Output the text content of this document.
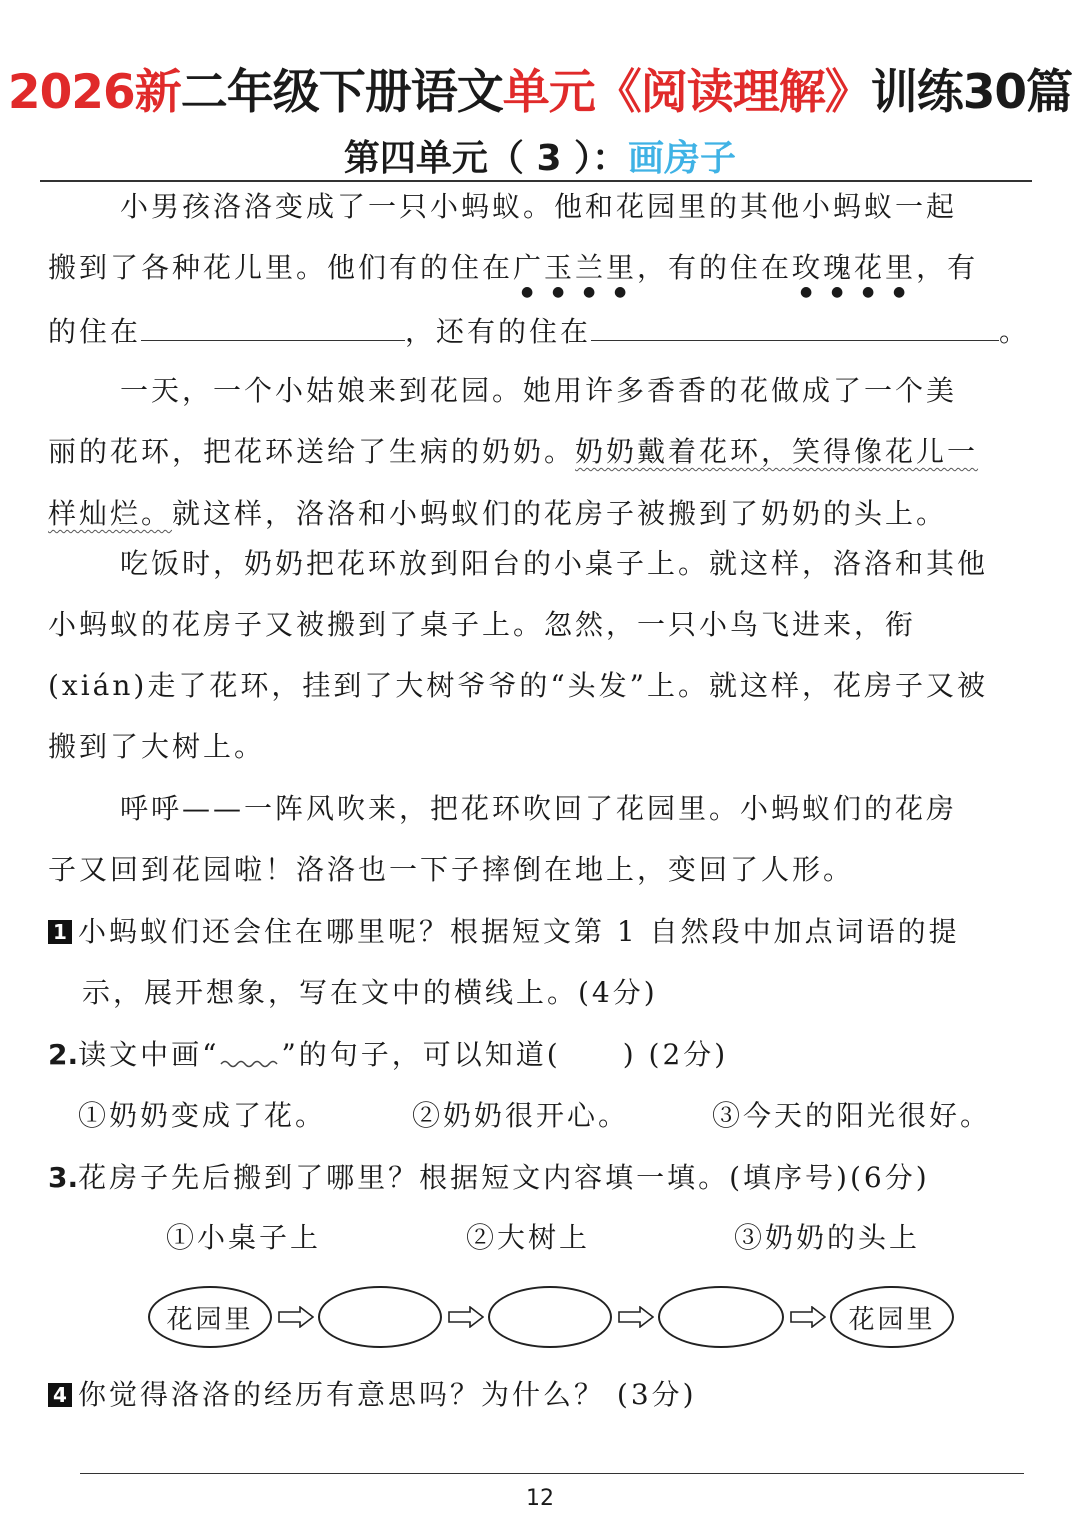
2026新二年级下册语文单元《阅读理解》训练30篇
第四单元（ 3 ）：画房子
小男孩洛洛变成了一只小蚂蚁。他和花园里的其他小蚂蚁一起
搬到了各种花儿里。他们有的住在广玉兰里，有的住在玫瑰花里，有
的住在	，还有的住在	。
一天，一个小姑娘来到花园。她用许多香香的花做成了一个美
丽的花环，把花环送给了生病的奶奶。奶奶戴着花环，笑得像花儿一
样灿烂。就这样，洛洛和小蚂蚁们的花房子被搬到了奶奶的头上。
吃饭时，奶奶把花环放到阳台的小桌子上。就这样，洛洛和其他
小蚂蚁的花房子又被搬到了桌子上。忽然，一只小鸟飞进来，衔
(xián)走了花环，挂到了大树爷爷的“头发”上。就这样，花房子又被
搬到了大树上。
呼呼——一阵风吹来，把花环吹回了花园里。小蚂蚁们的花房
子又回到花园啦！洛洛也一下子摔倒在地上，变回了人形。
1 小蚂蚁们还会住在哪里呢？根据短文第 1 自然段中加点词语的提
示，展开想象，写在文中的横线上。(4分)
2.读文中画“ ”的句子，可以知道(　　) (2分)
①奶奶变成了花。	②奶奶很开心。	③今天的阳光很好。
3.花房子先后搬到了哪里？根据短文内容填一填。(填序号)(6分)
①小桌子上	②大树上	③奶奶的头上
花园里	花园里
4 你觉得洛洛的经历有意思吗？为什么？ (3分)
12
